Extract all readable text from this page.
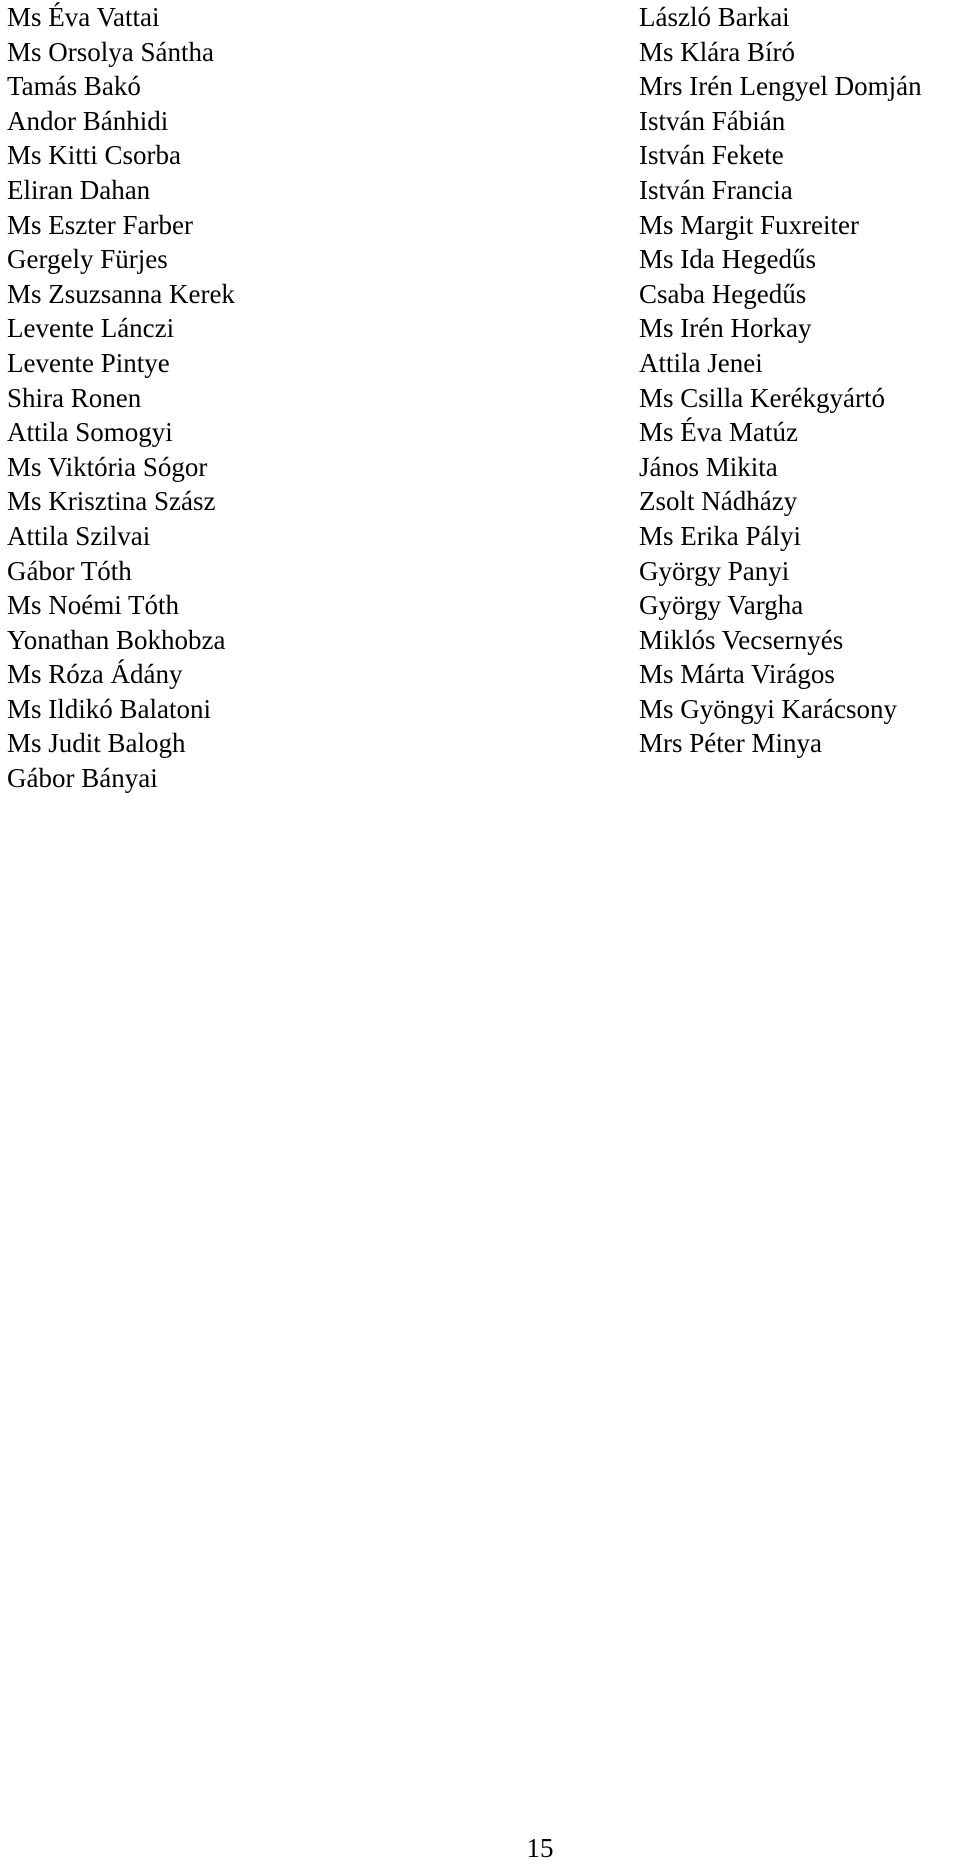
Ms Éva Vattai
Ms Orsolya Sántha
Tamás Bakó
Andor Bánhidi
Ms Kitti Csorba
Eliran Dahan
Ms Eszter Farber
Gergely Fürjes
Ms Zsuzsanna Kerek
Levente Lánczi
Levente Pintye
Shira Ronen
Attila Somogyi
Ms Viktória Sógor
Ms Krisztina Szász
Attila Szilvai
Gábor Tóth
Ms Noémi Tóth
Yonathan Bokhobza
Ms Róza Ádány
Ms Ildikó Balatoni
Ms Judit Balogh
Gábor Bányai
László Barkai
Ms Klára Bíró
Mrs Irén Lengyel Domján
István Fábián
István Fekete
István Francia
Ms Margit Fuxreiter
Ms Ida Hegedűs
Csaba Hegedűs
Ms Irén Horkay
Attila Jenei
Ms Csilla Kerékgyártó
Ms Éva Matúz
János Mikita
Zsolt Nádházy
Ms Erika Pályi
György Panyi
György Vargha
Miklós Vecsernyés
Ms Márta Virágos
Ms Gyöngyi Karácsony
Mrs Péter Minya
15
